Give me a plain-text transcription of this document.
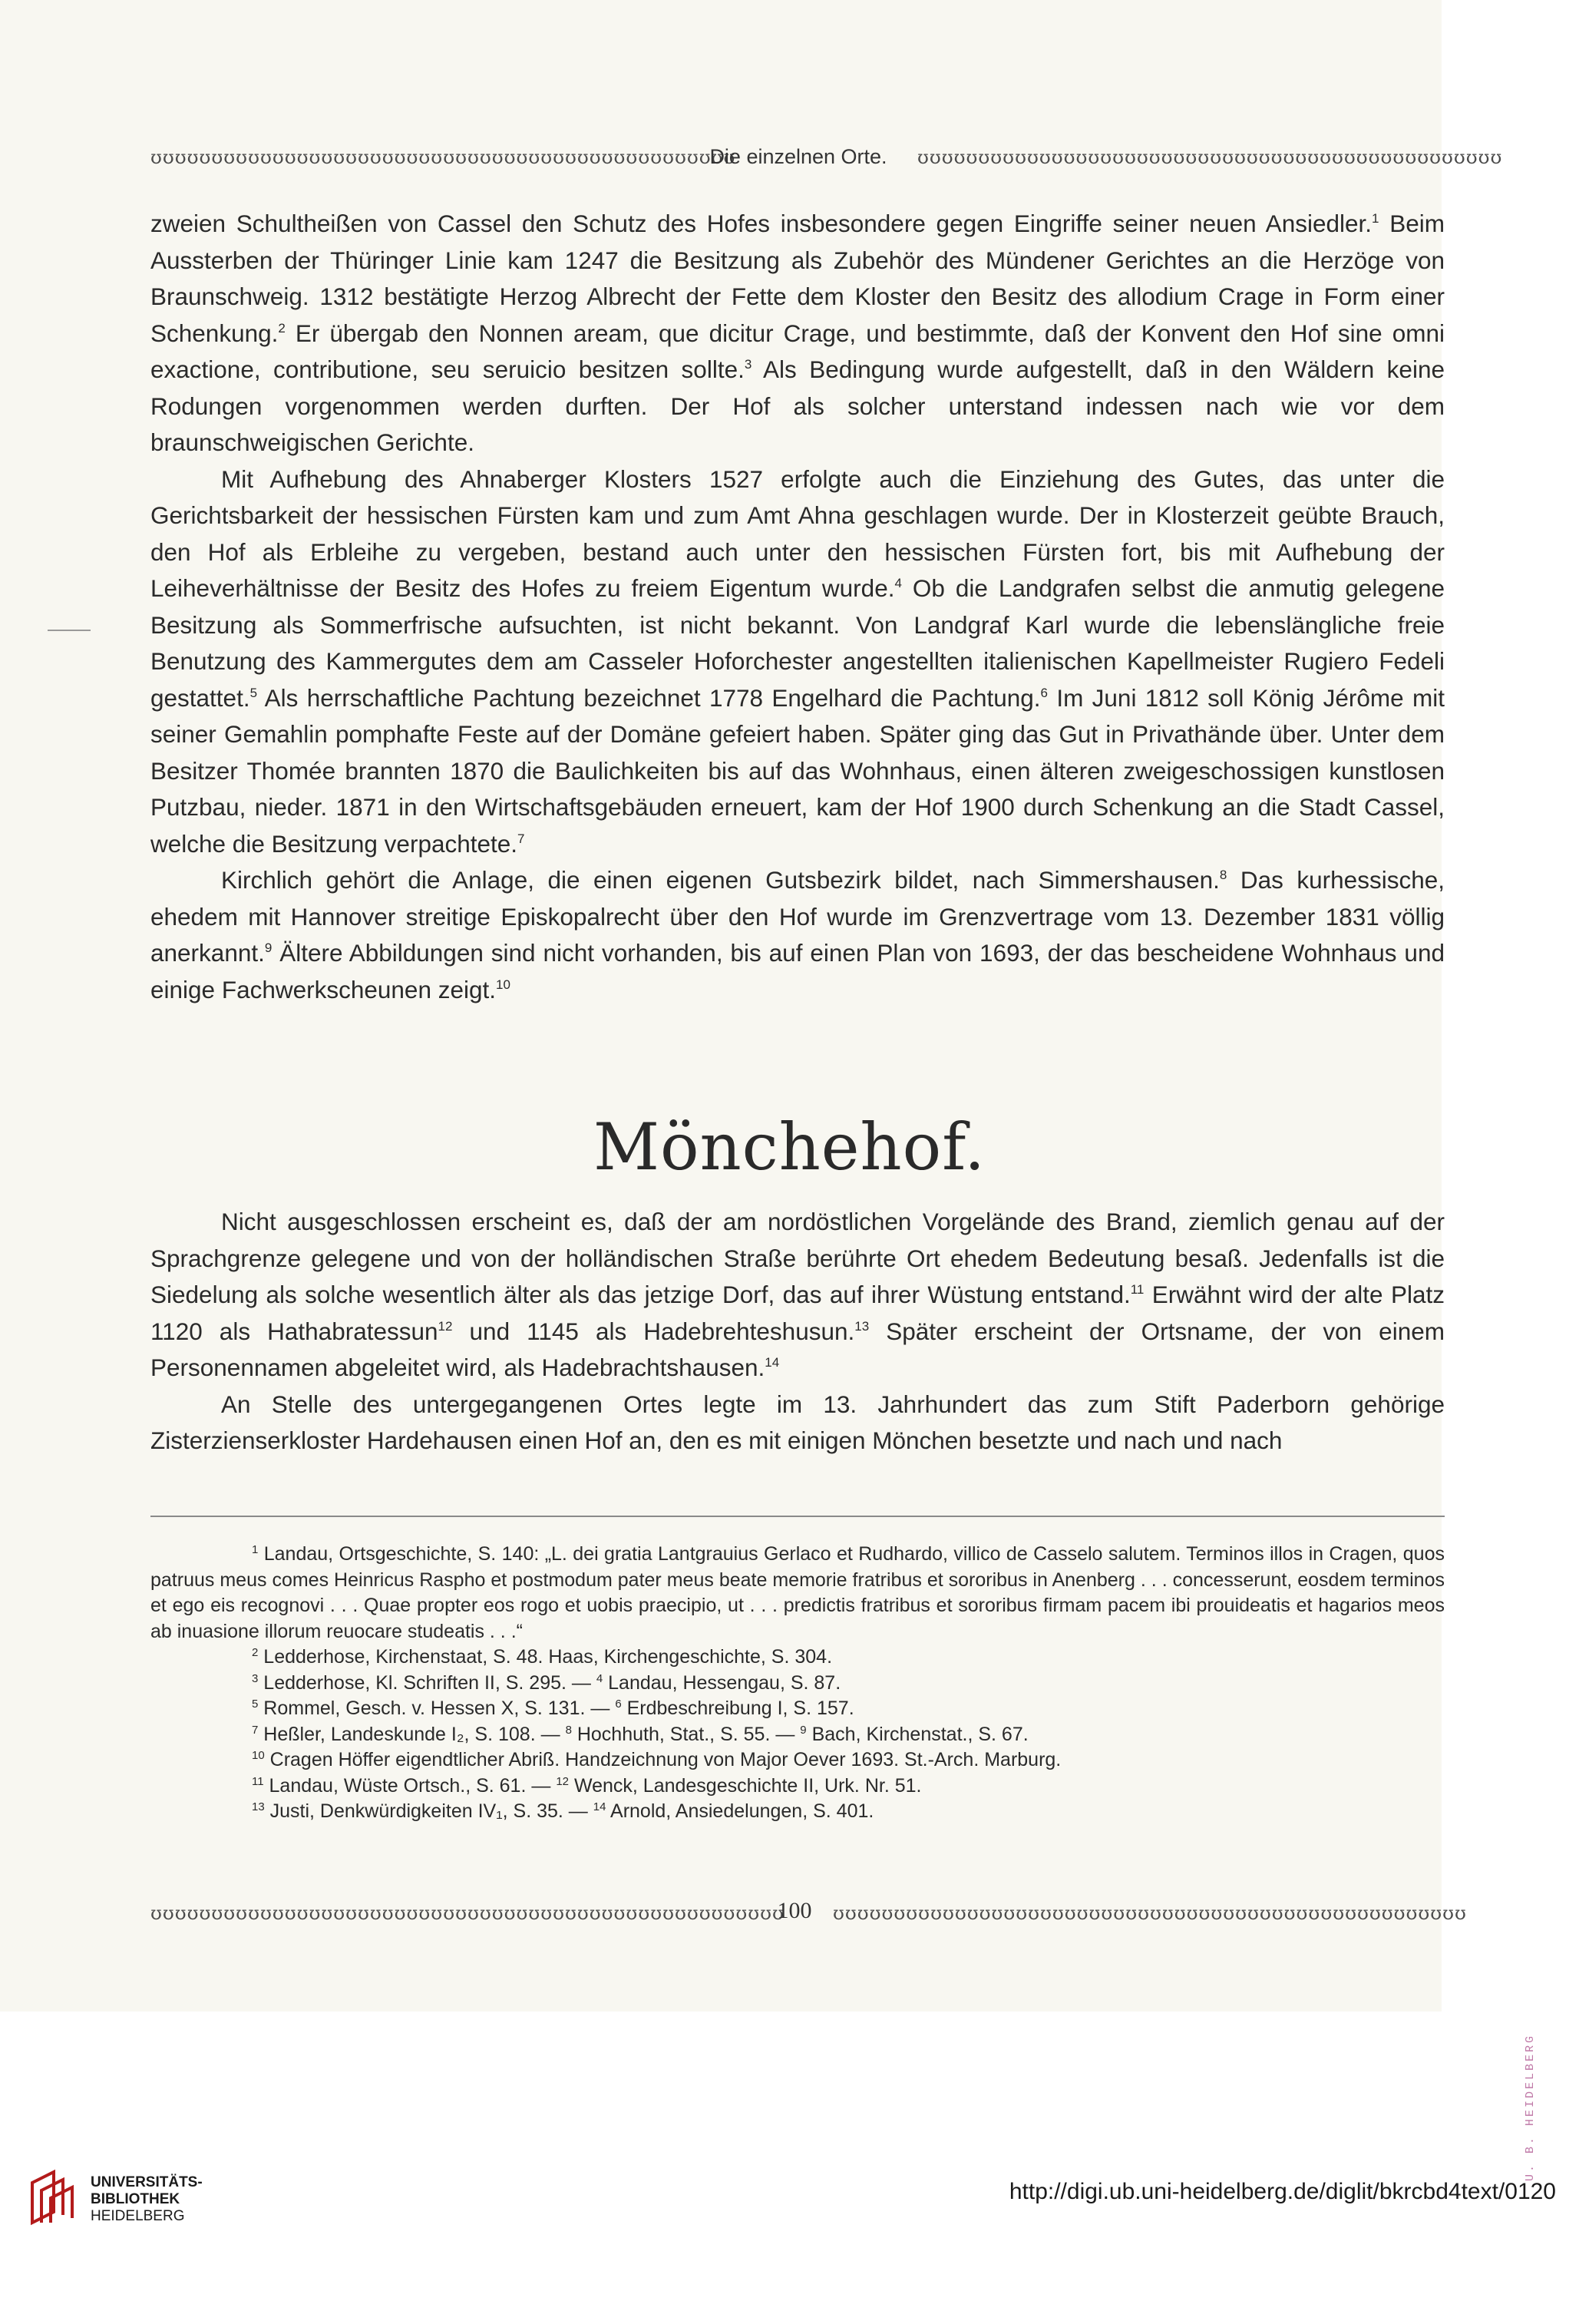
ʊʊʊʊʊʊʊʊʊʊʊʊʊʊʊʊʊʊʊʊʊʊʊʊʊʊʊʊʊʊʊʊʊʊʊʊʊʊʊʊʊʊʊʊʊʊʊʊ
Die einzelnen Orte.	ʊʊʊʊʊʊʊʊʊʊʊʊʊʊʊʊʊʊʊʊʊʊʊʊʊʊʊʊʊʊʊʊʊʊʊʊʊʊʊʊʊʊʊʊʊʊʊʊ

zweien Schultheißen von Cassel den Schutz des Hofes insbesondere gegen Eingriffe seiner neuen Ansiedler.$^1$ Beim Aussterben der Thüringer Linie kam 1247 die Besitzung als Zubehör des Mündener Gerichtes an die Herzöge von Braunschweig. 1312 bestätigte Herzog Albrecht der Fette dem Kloster den Besitz des allodium Crage in Form einer Schenkung.$^2$ Er übergab den Nonnen aream, que dicitur Crage, und bestimmte, daß der Konvent den Hof sine omni exactione, contributione, seu seruicio besitzen sollte.$^3$ Als Bedingung wurde aufgestellt, daß in den Wäldern keine Rodungen vorgenommen werden durften. Der Hof als solcher unterstand indessen nach wie vor dem braunschweigischen Gerichte.

Mit Aufhebung des Ahnaberger Klosters 1527 erfolgte auch die Einziehung des Gutes, das unter die Gerichtsbarkeit der hessischen Fürsten kam und zum Amt Ahna geschlagen wurde. Der in Klosterzeit geübte Brauch, den Hof als Erbleihe zu vergeben, bestand auch unter den hessischen Fürsten fort, bis mit Aufhebung der Leiheverhältnisse der Besitz des Hofes zu freiem Eigentum wurde.$^4$ Ob die Landgrafen selbst die anmutig gelegene Besitzung als Sommerfrische aufsuchten, ist nicht bekannt. Von Landgraf Karl wurde die lebenslängliche freie Benutzung des Kammergutes dem am Casseler Hoforchester angestellten italienischen Kapellmeister Rugiero Fedeli gestattet.$^5$ Als herrschaftliche Pachtung bezeichnet 1778 Engelhard die Pachtung.$^6$ Im Juni 1812 soll König Jérôme mit seiner Gemahlin pomphafte Feste auf der Domäne gefeiert haben. Später ging das Gut in Privathände über. Unter dem Besitzer Thomée brannten 1870 die Baulichkeiten bis auf das Wohnhaus, einen älteren zweigeschossigen kunstlosen Putzbau, nieder. 1871 in den Wirtschaftsgebäuden erneuert, kam der Hof 1900 durch Schenkung an die Stadt Cassel, welche die Besitzung verpachtete.$^7$

Kirchlich gehört die Anlage, die einen eigenen Gutsbezirk bildet, nach Simmershausen.$^8$ Das kurhessische, ehedem mit Hannover streitige Episkopalrecht über den Hof wurde im Grenzvertrage vom 13. Dezember 1831 völlig anerkannt.$^9$ Ältere Abbildungen sind nicht vorhanden, bis auf einen Plan von 1693, der das bescheidene Wohnhaus und einige Fachwerkscheunen zeigt.$^{10}$

Mönchehof.

Nicht ausgeschlossen erscheint es, daß der am nordöstlichen Vorgelände des Brand, ziemlich genau auf der Sprachgrenze gelegene und von der holländischen Straße berührte Ort ehedem Bedeutung besaß. Jedenfalls ist die Siedelung als solche wesentlich älter als das jetzige Dorf, das auf ihrer Wüstung entstand.$^{11}$ Erwähnt wird der alte Platz 1120 als Hathabratessun$^{12}$ und 1145 als Hadebrehteshusun.$^{13}$ Später erscheint der Ortsname, der von einem Personennamen abgeleitet wird, als Hadebrachtshausen.$^{14}$

An Stelle des untergegangenen Ortes legte im 13. Jahrhundert das zum Stift Paderborn gehörige Zisterzienserkloster Hardehausen einen Hof an, den es mit einigen Mönchen besetzte und nach und nach

$^1$ Landau, Ortsgeschichte, S. 140: „L. dei gratia Lantgrauius Gerlaco et Rudhardo, villico de Casselo salutem. Terminos illos in Cragen, quos patruus meus comes Heinricus Raspho et postmodum pater meus beate memorie fratribus et sororibus in Anenberg . . . concesserunt, eosdem terminos et ego eis recognovi . . . Quae propter eos rogo et uobis praecipio, ut . . . predictis fratribus et sororibus firmam pacem ibi prouideatis et hagarios meos ab inuasione illorum reuocare studeatis . . .“
$^2$ Ledderhose, Kirchenstaat, S. 48. Haas, Kirchengeschichte, S. 304.
$^3$ Ledderhose, Kl. Schriften II, S. 295. — $^4$ Landau, Hessengau, S. 87.
$^5$ Rommel, Gesch. v. Hessen X, S. 131. — $^6$ Erdbeschreibung I, S. 157.
$^7$ Heßler, Landeskunde I₂, S. 108. — $^8$ Hochhuth, Stat., S. 55. — $^9$ Bach, Kirchenstat., S. 67.
$^{10}$ Cragen Höffer eigendtlicher Abriß. Handzeichnung von Major Oever 1693. St.-Arch. Marburg.
$^{11}$ Landau, Wüste Ortsch., S. 61. — $^{12}$ Wenck, Landesgeschichte II, Urk. Nr. 51.
$^{13}$ Justi, Denkwürdigkeiten IV₁, S. 35. — $^{14}$ Arnold, Ansiedelungen, S. 401.
ʊʊʊʊʊʊʊʊʊʊʊʊʊʊʊʊʊʊʊʊʊʊʊʊʊʊʊʊʊʊʊʊʊʊʊʊʊʊʊʊʊʊʊʊʊʊʊʊʊʊʊʊ
100	ʊʊʊʊʊʊʊʊʊʊʊʊʊʊʊʊʊʊʊʊʊʊʊʊʊʊʊʊʊʊʊʊʊʊʊʊʊʊʊʊʊʊʊʊʊʊʊʊʊʊʊʊ
U. B. HEIDELBERG
UNIVERSITÄTS-
BIBLIOTHEK
HEIDELBERG
http://digi.ub.uni-heidelberg.de/diglit/bkrcbd4text/0120
